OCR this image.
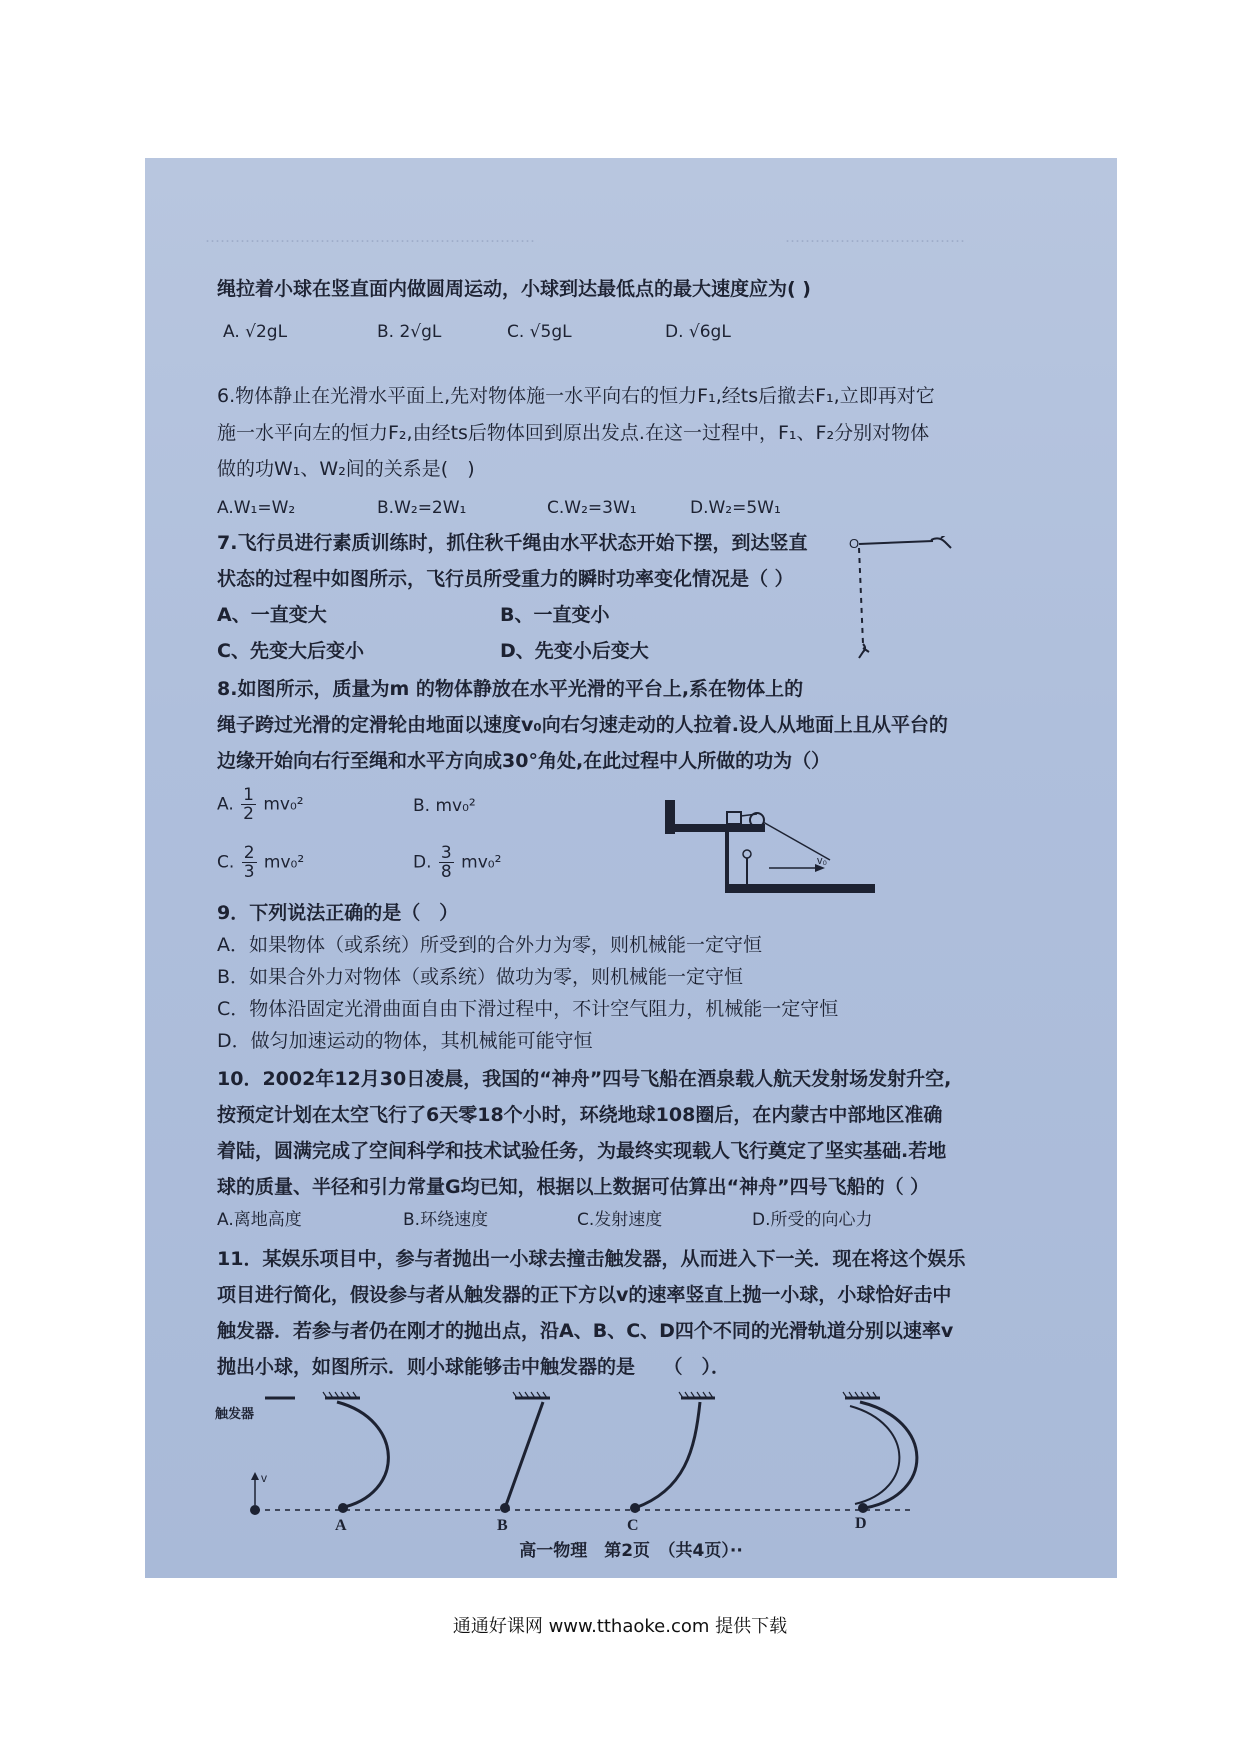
…………………………………………………………	………………………………
绳拉着小球在竖直面内做圆周运动，小球到达最低点的最大速度应为( )
A. √2gL	B. 2√gL	C. √5gL	D. √6gL
6.物体静止在光滑水平面上,先对物体施一水平向右的恒力F₁,经ts后撤去F₁,立即再对它
施一水平向左的恒力F₂,由经ts后物体回到原出发点.在这一过程中，F₁、F₂分别对物体
做的功W₁、W₂间的关系是(　)
A.W₁=W₂	B.W₂=2W₁	C.W₂=3W₁	D.W₂=5W₁
7.飞行员进行素质训练时，抓住秋千绳由水平状态开始下摆，到达竖直
状态的过程中如图所示，飞行员所受重力的瞬时功率变化情况是（ ）
A、一直变大	B、一直变小
C、先变大后变小	D、先变小后变大
O
8.如图所示，质量为m 的物体静放在水平光滑的平台上,系在物体上的
绳子跨过光滑的定滑轮由地面以速度v₀向右匀速走动的人拉着.设人从地面上且从平台的
边缘开始向右行至绳和水平方向成30°角处,在此过程中人所做的功为（）
A. $\frac{1}{2} mv_0^2$	B. mv₀²
C. $\frac{2}{3} mv_0^2$	D. $\frac{3}{8} mv_0^2$	v₀
9．下列说法正确的是（　）
A．如果物体（或系统）所受到的合外力为零，则机械能一定守恒
B．如果合外力对物体（或系统）做功为零，则机械能一定守恒
C．物体沿固定光滑曲面自由下滑过程中，不计空气阻力，机械能一定守恒
D．做匀加速运动的物体，其机械能可能守恒
10．2002年12月30日凌晨，我国的“神舟”四号飞船在酒泉载人航天发射场发射升空,
按预定计划在太空飞行了6天零18个小时，环绕地球108圈后，在内蒙古中部地区准确
着陆，圆满完成了空间科学和技术试验任务，为最终实现载人飞行奠定了坚实基础.若地
球的质量、半径和引力常量G均已知，根据以上数据可估算出“神舟”四号飞船的（ ）
A.离地高度	B.环绕速度	C.发射速度	D.所受的向心力
11．某娱乐项目中，参与者抛出一小球去撞击触发器，从而进入下一关．现在将这个娱乐
项目进行简化，假设参与者从触发器的正下方以v的速率竖直上抛一小球，小球恰好击中
触发器．若参与者仍在刚才的抛出点，沿A、B、C、D四个不同的光滑轨道分别以速率v
抛出小球，如图所示．则小球能够击中触发器的是　　（　）．
触发器
v
A	B	C	D
高一物理　第2页　（共4页）··
通通好课网 www.tthaoke.com 提供下载
